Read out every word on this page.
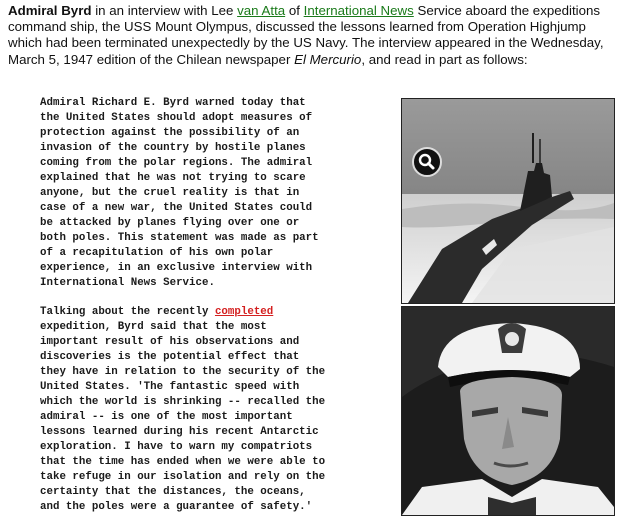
Admiral Byrd in an interview with Lee van Atta of International News Service aboard the expeditions command ship, the USS Mount Olympus, discussed the lessons learned from Operation Highjump which had been terminated unexpectedly by the US Navy. The interview appeared in the Wednesday, March 5, 1947 edition of the Chilean newspaper El Mercurio, and read in part as follows:
Admiral Richard E. Byrd warned today that
the United States should adopt measures of
protection against the possibility of an
invasion of the country by hostile planes
coming from the polar regions. The admiral
explained that he was not trying to scare
anyone, but the cruel reality is that in
case of a new war, the United States could
be attacked by planes flying over one or
both poles. This statement was made as part
of a recapitulation of his own polar
experience, in an exclusive interview with
International News Service.
Talking about the recently completed
expedition, Byrd said that the most
important result of his observations and
discoveries is the potential effect that
they have in relation to the security of the
United States. 'The fantastic speed with
which the world is shrinking -- recalled the
admiral -- is one of the most important
lessons learned during his recent Antarctic
exploration. I have to warn my compatriots
that the time has ended when we were able to
take refuge in our isolation and rely on the
certainty that the distances, the oceans,
and the poles were a guarantee of safety.'
